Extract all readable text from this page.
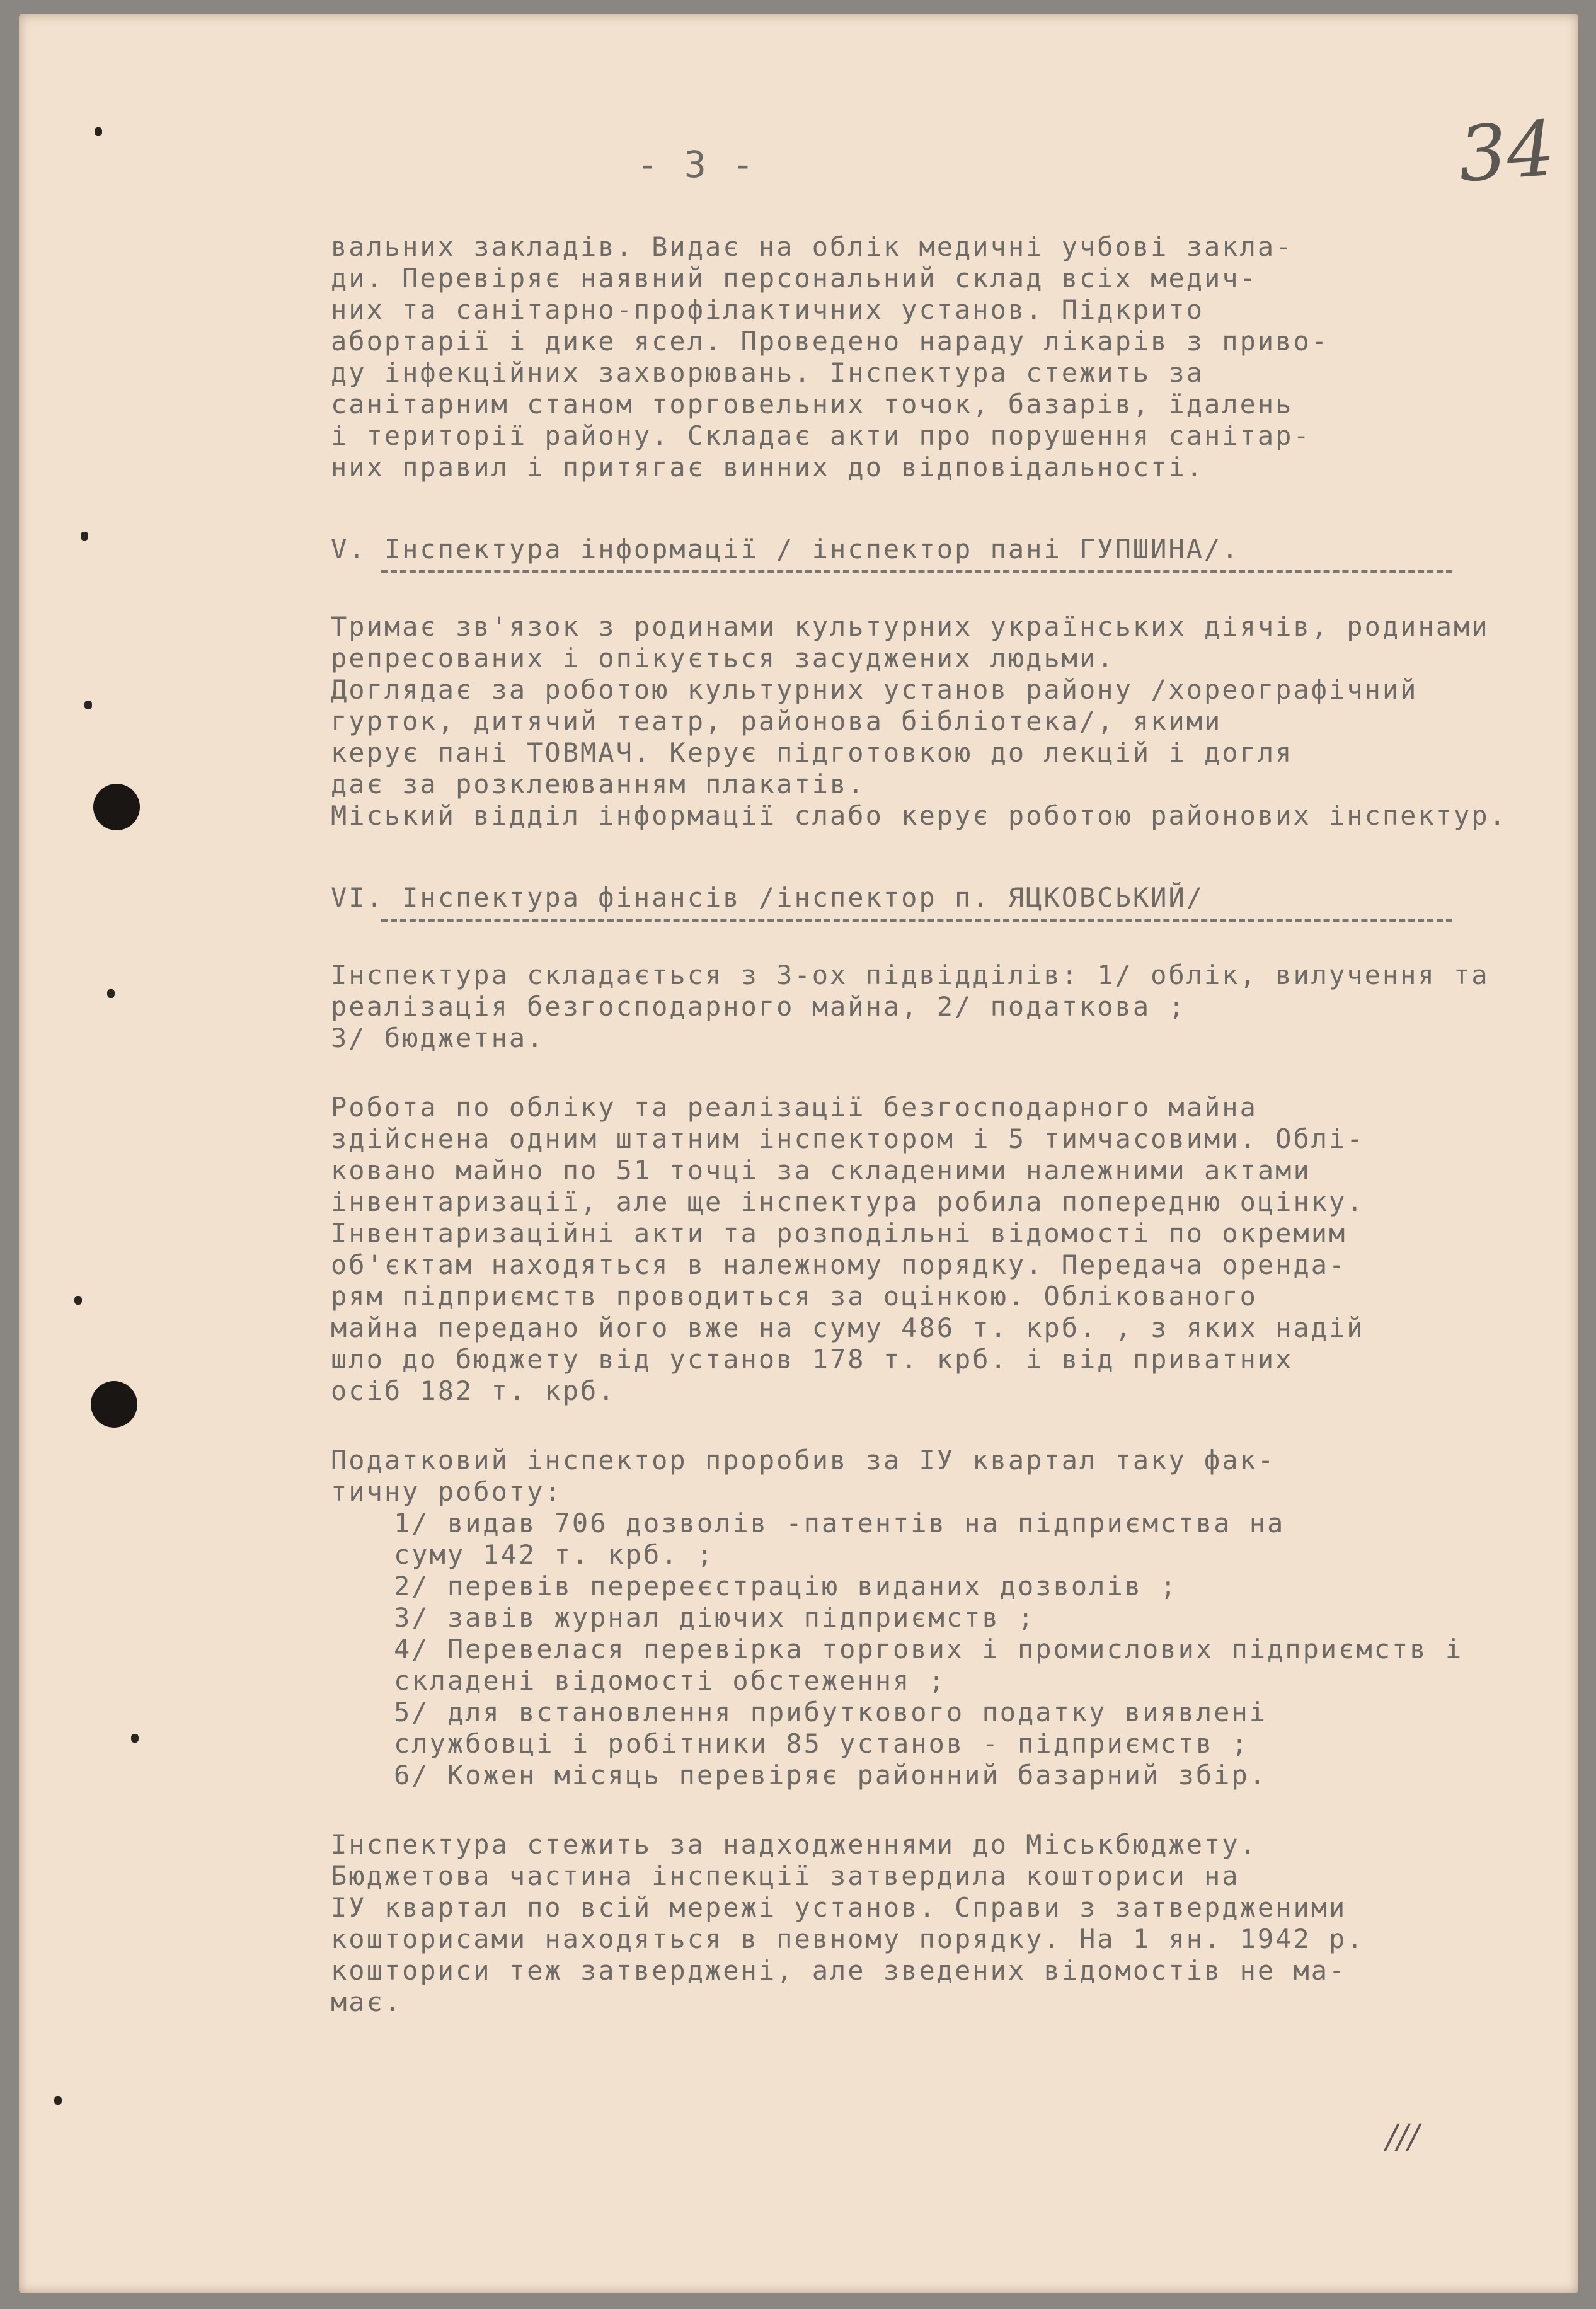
- 3 -	34

вальних закладів. Видає на облік медичні учбові закла-
ди. Перевіряє наявний персональний склад всіх медич-
них та санітарно-профілактичних установ. Підкрито
абортарії і дике ясел. Проведено нараду лікарів з приво-
ду інфекційних захворювань. Інспектура стежить за
санітарним станом торговельних точок, базарів, їдалень
і території району. Складає акти про порушення санітар-
них правил і притягає винних до відповідальності.

V. Інспектура інформації / інспектор пані ГУПШИНА/.

Тримає зв'язок з родинами культурних українських діячів, родинами репресованих і опікується засуджених людьми.
Доглядає за роботою культурних установ району /хореографічний гурток, дитячий театр, районова бібліотека/, якими
керує пані ТОВМАЧ. Керує підготовкою до лекцій і догля
дає за розклеюванням плакатів.

Міський відділ інформації слабо керує роботою районових інспектур.

VI. Інспектура фінансів /інспектор п. ЯЦКОВСЬКИЙ/

Інспектура складається з 3-ох підвідділів: 1/ облік, вилучення та реалізація безгосподарного майна, 2/ податкова ;
3/ бюджетна.

Робота по обліку та реалізації безгосподарного майна
здійснена одним штатним інспектором і 5 тимчасовими. Облі-
ковано майно по 51 точці за складеними належними актами
інвентаризації, але ще інспектура робила попередню оцінку.
Інвентаризаційні акти та розподільні відомості по окремим
об'єктам находяться в належному порядку. Передача оренда-
рям підприємств проводиться за оцінкою. Облікованого
майна передано його вже на суму 486 т. крб. , з яких надій
шло до бюджету від установ 178 т. крб. і від приватних
осіб 182 т. крб.

Податковий інспектор проробив за ІУ квартал таку фак-
тичну роботу:

1/ видав 706 дозволів -патентів на підприємства на
суму 142 т. крб. ;

2/ перевів перереєстрацію виданих дозволів ;

3/ завів журнал діючих підприємств ;

4/ Перевелася перевірка торгових і промислових підприємств і складені відомості обстеження ;

5/ для встановлення прибуткового податку виявлені
службовці і робітники 85 установ - підприємств ;

6/ Кожен місяць перевіряє районний базарний збір.

Інспектура стежить за надходженнями до Міськбюджету.
Бюджетова частина інспекції затвердила кошториси на
ІУ квартал по всій мережі установ. Справи з затвердженими
кошторисами находяться в певному порядку. На 1 ян. 1942 р.
кошториси теж затверджені, але зведених відомостів не ма-
має.

///
